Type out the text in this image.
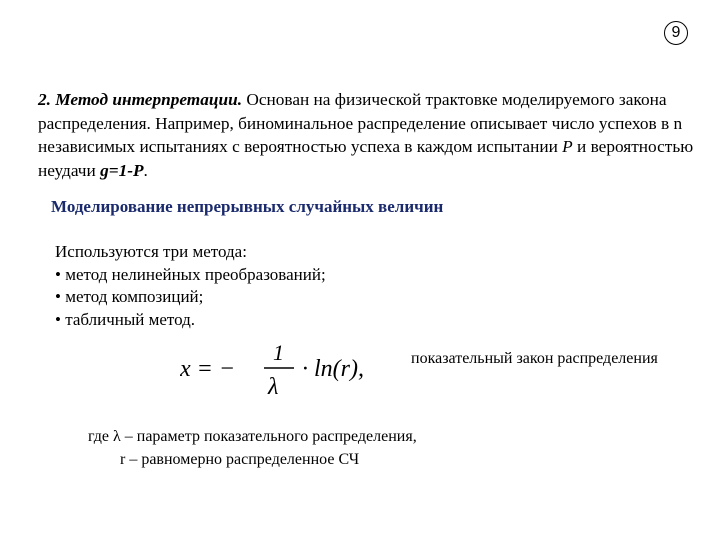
9
2. Метод интерпретации. Основан на физической трактовке моделируемого закона распределения. Например, биноминальное распределение описывает число успехов в n независимых испытаниях с вероятностью успеха в каждом испытании P и вероятностью неудачи g=1-P.
Моделирование непрерывных случайных величин
Используются три метода:
• метод нелинейных преобразований;
• метод композиций;
• табличный метод.
x = −
1
λ
· ln(r),	показательный закон распределения
где λ – параметр показательного распределения,
r – равномерно распределенное СЧ
